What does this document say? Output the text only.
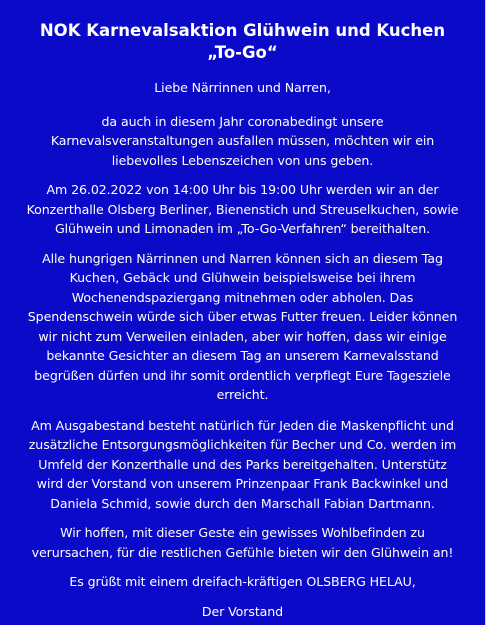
NOK Karnevalsaktion Glühwein und Kuchen
„To-Go“

Liebe Närrinnen und Narren,

da auch in diesem Jahr coronabedingt unsere
Karnevalsveranstaltungen ausfallen müssen, möchten wir ein
liebevolles Lebenszeichen von uns geben.

Am 26.02.2022 von 14:00 Uhr bis 19:00 Uhr werden wir an der
Konzerthalle Olsberg Berliner, Bienenstich und Streuselkuchen, sowie
Glühwein und Limonaden im „To-Go-Verfahren“ bereithalten.

Alle hungrigen Närrinnen und Narren können sich an diesem Tag
Kuchen, Gebäck und Glühwein beispielsweise bei ihrem
Wochenendspaziergang mitnehmen oder abholen. Das
Spendenschwein würde sich über etwas Futter freuen. Leider können
wir nicht zum Verweilen einladen, aber wir hoffen, dass wir einige
bekannte Gesichter an diesem Tag an unserem Karnevalsstand
begrüßen dürfen und ihr somit ordentlich verpflegt Eure Tagesziele
erreicht.

Am Ausgabestand besteht natürlich für Jeden die Maskenpflicht und
zusätzliche Entsorgungsmöglichkeiten für Becher und Co. werden im
Umfeld der Konzerthalle und des Parks bereitgehalten. Unterstütz
wird der Vorstand von unserem Prinzenpaar Frank Backwinkel und
Daniela Schmid, sowie durch den Marschall Fabian Dartmann.

Wir hoffen, mit dieser Geste ein gewisses Wohlbefinden zu
verursachen, für die restlichen Gefühle bieten wir den Glühwein an!

Es grüßt mit einem dreifach-kräftigen OLSBERG HELAU,

Der Vorstand
